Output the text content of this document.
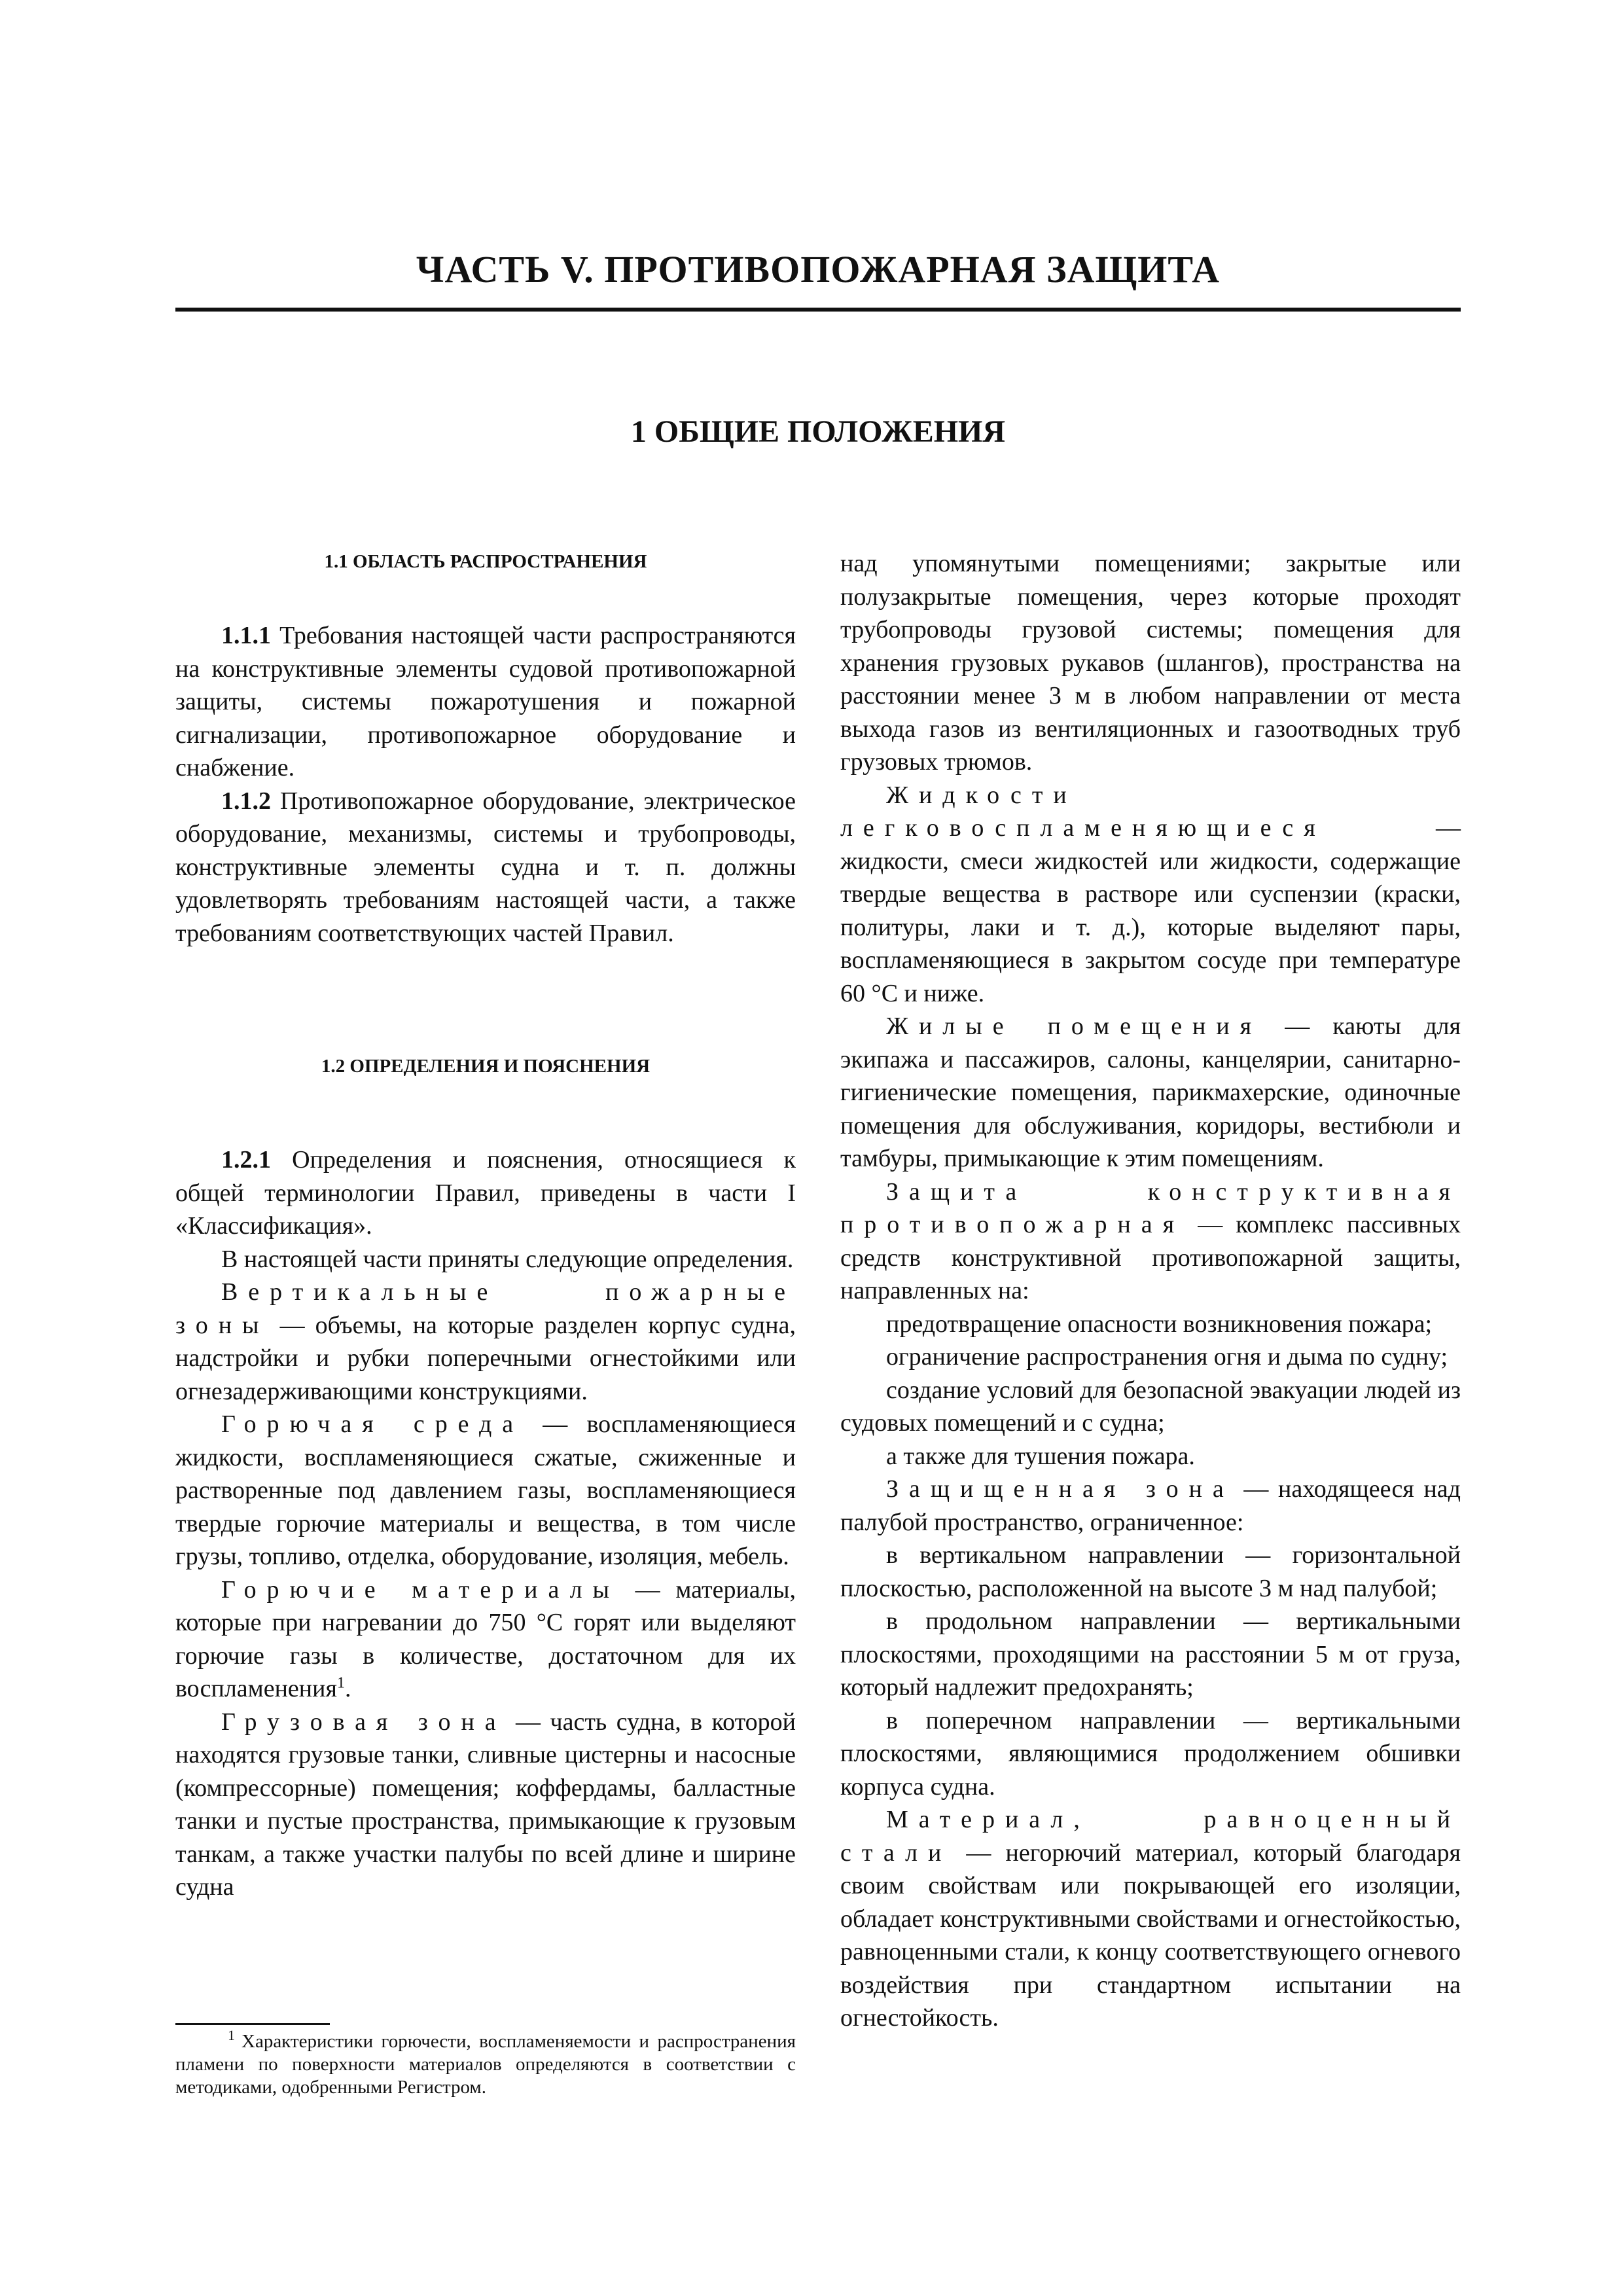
ЧАСТЬ V. ПРОТИВОПОЖАРНАЯ ЗАЩИТА
1 ОБЩИЕ ПОЛОЖЕНИЯ
1.1 ОБЛАСТЬ РАСПРОСТРАНЕНИЯ

1.1.1 Требования настоящей части распространяются на конструктивные элементы судовой противопожарной защиты, системы пожаротушения и пожарной сигнализации, противопожарное оборудование и снабжение.

1.1.2 Противопожарное оборудование, электрическое оборудование, механизмы, системы и трубопроводы, конструктивные элементы судна и т. п. должны удовлетворять требованиям настоящей части, а также требованиям соответствующих частей Правил.

1.2 ОПРЕДЕЛЕНИЯ И ПОЯСНЕНИЯ

1.2.1 Определения и пояснения, относящиеся к общей терминологии Правил, приведены в части I «Классификация».

В настоящей части приняты следующие определения.

Вертикальные пожарные зоны — объемы, на которые разделен корпус судна, надстройки и рубки поперечными огнестойкими или огнезадерживающими конструкциями.

Горючая среда — воспламеняющиеся жидкости, воспламеняющиеся сжатые, сжиженные и растворенные под давлением газы, воспламеняющиеся твердые горючие материалы и вещества, в том числе грузы, топливо, отделка, оборудование, изоляция, мебель.

Горючие материалы — материалы, которые при нагревании до 750 °С горят или выделяют горючие газы в количестве, достаточном для их воспламенения$^1$.

Грузовая зона — часть судна, в которой находятся грузовые танки, сливные цистерны и насосные (компрессорные) помещения; коффердамы, балластные танки и пустые пространства, примыкающие к грузовым танкам, а также участки палубы по всей длине и ширине судна

$^1$ Характеристики горючести, воспламеняемости и распространения пламени по поверхности материалов определяются в соответствии с методиками, одобренными Регистром.

над упомянутыми помещениями; закрытые или полузакрытые помещения, через которые проходят трубопроводы грузовой системы; помещения для хранения грузовых рукавов (шлангов), пространства на расстоянии менее 3 м в любом направлении от места выхода газов из вентиляционных и газоотводных труб грузовых трюмов.

Жидкости легковоспламеняющиеся — жидкости, смеси жидкостей или жидкости, содержащие твердые вещества в растворе или суспензии (краски, политуры, лаки и т. д.), которые выделяют пары, воспламеняющиеся в закрытом сосуде при температуре 60 °С и ниже.

Жилые помещения — каюты для экипажа и пассажиров, салоны, канцелярии, санитарно-гигиенические помещения, парикмахерские, одиночные помещения для обслуживания, коридоры, вестибюли и тамбуры, примыкающие к этим помещениям.

Защита конструктивная противопожарная — комплекс пассивных средств конструктивной противопожарной защиты, направленных на:

предотвращение опасности возникновения пожара;

ограничение распространения огня и дыма по судну;

создание условий для безопасной эвакуации людей из судовых помещений и с судна;

а также для тушения пожара.

Защищенная зона — находящееся над палубой пространство, ограниченное:

в вертикальном направлении — горизонтальной плоскостью, расположенной на высоте 3 м над палубой;

в продольном направлении — вертикальными плоскостями, проходящими на расстоянии 5 м от груза, который надлежит предохранять;

в поперечном направлении — вертикальными плоскостями, являющимися продолжением обшивки корпуса судна.

Материал, равноценный стали — негорючий материал, который благодаря своим свойствам или покрывающей его изоляции, обладает конструктивными свойствами и огнестойкостью, равноценными стали, к концу соответствующего огневого воздействия при стандартном испытании на огнестойкость.
